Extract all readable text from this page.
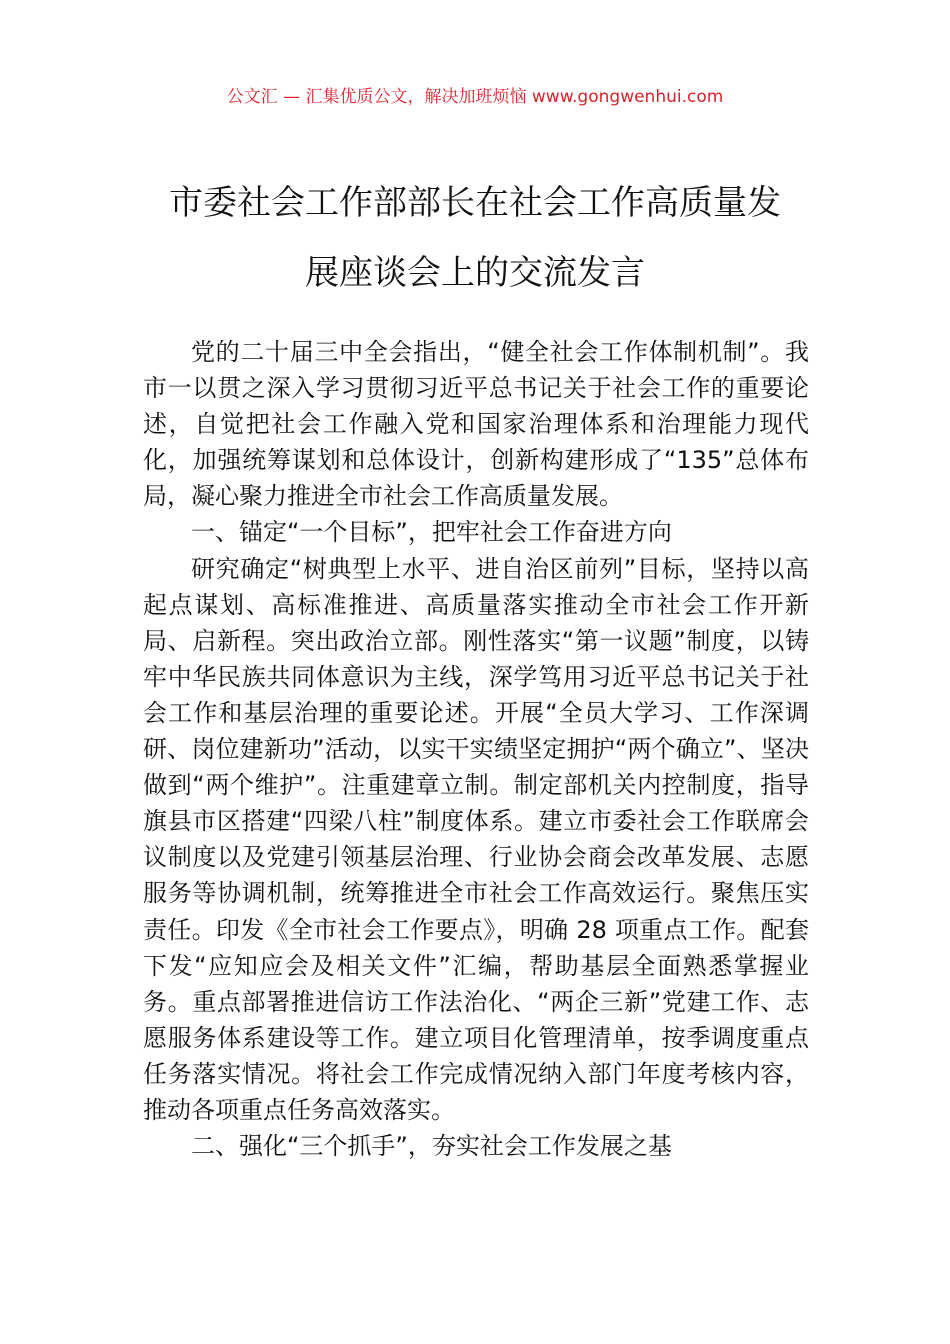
公文汇 — 汇集优质公文，解决加班烦恼 www.gongwenhui.com
市委社会工作部部长在社会工作高质量发
展座谈会上的交流发言

党的二十届三中全会指出，“健全社会工作体制机制”。我市一以贯之深入学习贯彻习近平总书记关于社会工作的重要论述，自觉把社会工作融入党和国家治理体系和治理能力现代化，加强统筹谋划和总体设计，创新构建形成了“135”总体布局，凝心聚力推进全市社会工作高质量发展。

一、锚定“一个目标”，把牢社会工作奋进方向

研究确定“树典型上水平、进自治区前列”目标，坚持以高起点谋划、高标准推进、高质量落实推动全市社会工作开新局、启新程。突出政治立部。刚性落实“第一议题”制度，以铸牢中华民族共同体意识为主线，深学笃用习近平总书记关于社会工作和基层治理的重要论述。开展“全员大学习、工作深调研、岗位建新功”活动，以实干实绩坚定拥护“两个确立”、坚决做到“两个维护”。注重建章立制。制定部机关内控制度，指导旗县市区搭建“四梁八柱”制度体系。建立市委社会工作联席会议制度以及党建引领基层治理、行业协会商会改革发展、志愿服务等协调机制，统筹推进全市社会工作高效运行。聚焦压实责任。印发《全市社会工作要点》，明确 28 项重点工作。配套下发“应知应会及相关文件”汇编，帮助基层全面熟悉掌握业务。重点部署推进信访工作法治化、“两企三新”党建工作、志愿服务体系建设等工作。建立项目化管理清单，按季调度重点任务落实情况。将社会工作完成情况纳入部门年度考核内容，推动各项重点任务高效落实。

二、强化“三个抓手”，夯实社会工作发展之基
